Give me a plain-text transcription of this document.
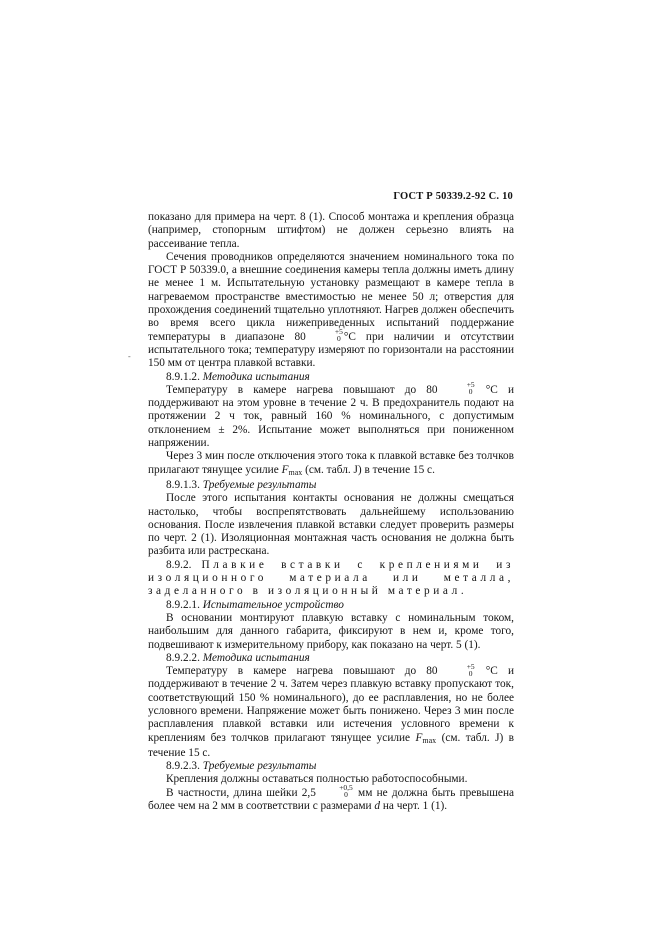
ГОСТ Р 50339.2-92 С. 10
-

показано для примера на черт. 8 (1). Способ монтажа и крепления образца (например, стопорным штифтом) не должен серьезно влиять на рассеивание тепла.

Сечения проводников определяются значением номинального тока по ГОСТ Р 50339.0, а внешние соединения камеры тепла должны иметь длину не менее 1 м. Испытательную установку размещают в камере тепла в нагреваемом пространстве вместимостью не менее 50 л; отверстия для прохождения соединений тщательно уплотняют. Нагрев должен обеспечить во время всего цикла нижеприведенных испытаний поддержание температуры в диапазоне 80	+5
0 °С при наличии и отсутствии испытательного тока; температуру измеряют по горизонтали на расстоянии 150 мм от центра плавкой вставки.

8.9.1.2. Методика испытания

Температуру в камере нагрева повышают до 80	+5
0 °С и поддерживают на этом уровне в течение 2 ч. В предохранитель подают на протяжении 2 ч ток, равный 160 % номинального, с допустимым отклонением ± 2%. Испытание может выполняться при пониженном напряжении.

Через 3 мин после отключения этого тока к плавкой вставке без толчков прилагают тянущее усилие $F_{max}$ (см. табл. J) в течение 15 с.

8.9.1.3. Требуемые результаты

После этого испытания контакты основания не должны смещаться настолько, чтобы воспрепятствовать дальнейшему использованию основания. После извлечения плавкой вставки следует проверить размеры по черт. 2 (1). Изоляционная монтажная часть основания не должна быть разбита или растрескана.

8.9.2. Плавкие вставки с креплениями из изоляционного материала или металла, заделанного в изоляционный материал.

8.9.2.1. Испытательное устройство

В основании монтируют плавкую вставку с номинальным током, наибольшим для данного габарита, фиксируют в нем и, кроме того, подвешивают к измерительному прибору, как показано на черт. 5 (1).

8.9.2.2. Методика испытания

Температуру в камере нагрева повышают до 80	+5
0 °С и поддерживают в течение 2 ч. Затем через плавкую вставку пропускают ток, соответствующий 150 % номинального), до ее расплавления, но не более условного времени. Напряжение может быть понижено. Через 3 мин после расплавления плавкой вставки или истечения условного времени к креплениям без толчков прилагают тянущее усилие $F_{max}$ (см. табл. J) в течение 15 с.

8.9.2.3. Требуемые результаты

Крепления должны оставаться полностью работоспособными.

В частности, длина шейки 2,5	+0,5
0 мм не должна быть превышена более чем на 2 мм в соответствии с размерами d на черт. 1 (1).
